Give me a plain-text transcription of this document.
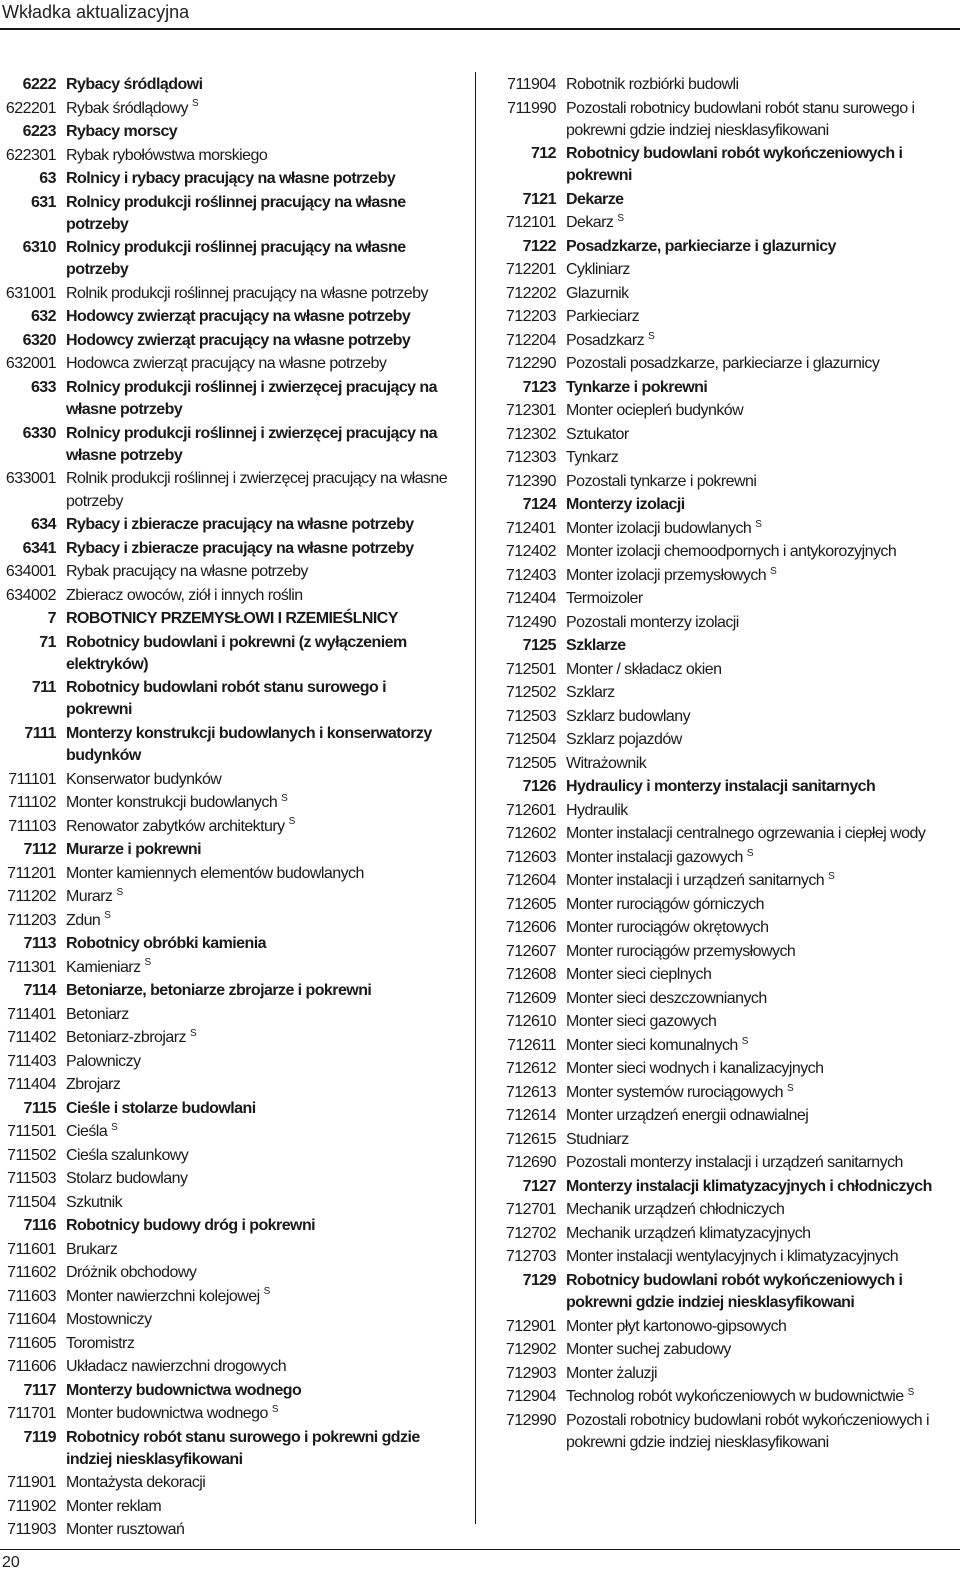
Wkładka aktualizacyjna
6222 Rybacy śródlądowi
622201 Rybak śródlądowy $^S$
6223 Rybacy morscy
622301 Rybak rybołówstwa morskiego
63 Rolnicy i rybacy pracujący na własne potrzeby
631 Rolnicy produkcji roślinnej pracujący na własne potrzeby
6310 Rolnicy produkcji roślinnej pracujący na własne potrzeby
631001 Rolnik produkcji roślinnej pracujący na własne potrzeby
632 Hodowcy zwierząt pracujący na własne potrzeby
6320 Hodowcy zwierząt pracujący na własne potrzeby
632001 Hodowca zwierząt pracujący na własne potrzeby
633 Rolnicy produkcji roślinnej i zwierzęcej pracujący na własne potrzeby
6330 Rolnicy produkcji roślinnej i zwierzęcej pracujący na własne potrzeby
633001 Rolnik produkcji roślinnej i zwierzęcej pracujący na własne potrzeby
634 Rybacy i zbieracze pracujący na własne potrzeby
6341 Rybacy i zbieracze pracujący na własne potrzeby
634001 Rybak pracujący na własne potrzeby
634002 Zbieracz owoców, ziół i innych roślin
7 ROBOTNICY PRZEMYSŁOWI I RZEMIEŚLNICY
71 Robotnicy budowlani i pokrewni (z wyłączeniem elektryków)
711 Robotnicy budowlani robót stanu surowego i pokrewni
7111 Monterzy konstrukcji budowlanych i konserwatorzy budynków
711101 Konserwator budynków
711102 Monter konstrukcji budowlanych $^S$
711103 Renowator zabytków architektury $^S$
7112 Murarze i pokrewni
711201 Monter kamiennych elementów budowlanych
711202 Murarz $^S$
711203 Zdun $^S$
7113 Robotnicy obróbki kamienia
711301 Kamieniarz $^S$
7114 Betoniarze, betoniarze zbrojarze i pokrewni
711401 Betoniarz
711402 Betoniarz-zbrojarz $^S$
711403 Palowniczy
711404 Zbrojarz
7115 Cieśle i stolarze budowlani
711501 Cieśla $^S$
711502 Cieśla szalunkowy
711503 Stolarz budowlany
711504 Szkutnik
7116 Robotnicy budowy dróg i pokrewni
711601 Brukarz
711602 Dróżnik obchodowy
711603 Monter nawierzchni kolejowej $^S$
711604 Mostowniczy
711605 Toromistrz
711606 Układacz nawierzchni drogowych
7117 Monterzy budownictwa wodnego
711701 Monter budownictwa wodnego $^S$
7119 Robotnicy robót stanu surowego i pokrewni gdzie indziej niesklasyfikowani
711901 Montażysta dekoracji
711902 Monter reklam
711903 Monter rusztowań
711904 Robotnik rozbiórki budowli
711990 Pozostali robotnicy budowlani robót stanu surowego i pokrewni gdzie indziej niesklasyfikowani
712 Robotnicy budowlani robót wykończeniowych i pokrewni
7121 Dekarze
712101 Dekarz $^S$
7122 Posadzkarze, parkieciarze i glazurnicy
712201 Cykliniarz
712202 Glazurnik
712203 Parkieciarz
712204 Posadzkarz $^S$
712290 Pozostali posadzkarze, parkieciarze i glazurnicy
7123 Tynkarze i pokrewni
712301 Monter ociepleń budynków
712302 Sztukator
712303 Tynkarz
712390 Pozostali tynkarze i pokrewni
7124 Monterzy izolacji
712401 Monter izolacji budowlanych $^S$
712402 Monter izolacji chemoodpornych i antykorozyjnych
712403 Monter izolacji przemysłowych $^S$
712404 Termoizoler
712490 Pozostali monterzy izolacji
7125 Szklarze
712501 Monter / składacz okien
712502 Szklarz
712503 Szklarz budowlany
712504 Szklarz pojazdów
712505 Witrażownik
7126 Hydraulicy i monterzy instalacji sanitarnych
712601 Hydraulik
712602 Monter instalacji centralnego ogrzewania i ciepłej wody
712603 Monter instalacji gazowych $^S$
712604 Monter instalacji i urządzeń sanitarnych $^S$
712605 Monter rurociągów górniczych
712606 Monter rurociągów okrętowych
712607 Monter rurociągów przemysłowych
712608 Monter sieci cieplnych
712609 Monter sieci deszczownianych
712610 Monter sieci gazowych
712611 Monter sieci komunalnych $^S$
712612 Monter sieci wodnych i kanalizacyjnych
712613 Monter systemów rurociągowych $^S$
712614 Monter urządzeń energii odnawialnej
712615 Studniarz
712690 Pozostali monterzy instalacji i urządzeń sanitarnych
7127 Monterzy instalacji klimatyzacyjnych i chłodniczych
712701 Mechanik urządzeń chłodniczych
712702 Mechanik urządzeń klimatyzacyjnych
712703 Monter instalacji wentylacyjnych i klimatyzacyjnych
7129 Robotnicy budowlani robót wykończeniowych i pokrewni gdzie indziej niesklasyfikowani
712901 Monter płyt kartonowo-gipsowych
712902 Monter suchej zabudowy
712903 Monter żaluzji
712904 Technolog robót wykończeniowych w budownictwie $^S$
712990 Pozostali robotnicy budowlani robót wykończeniowych i pokrewni gdzie indziej niesklasyfikowani
20
